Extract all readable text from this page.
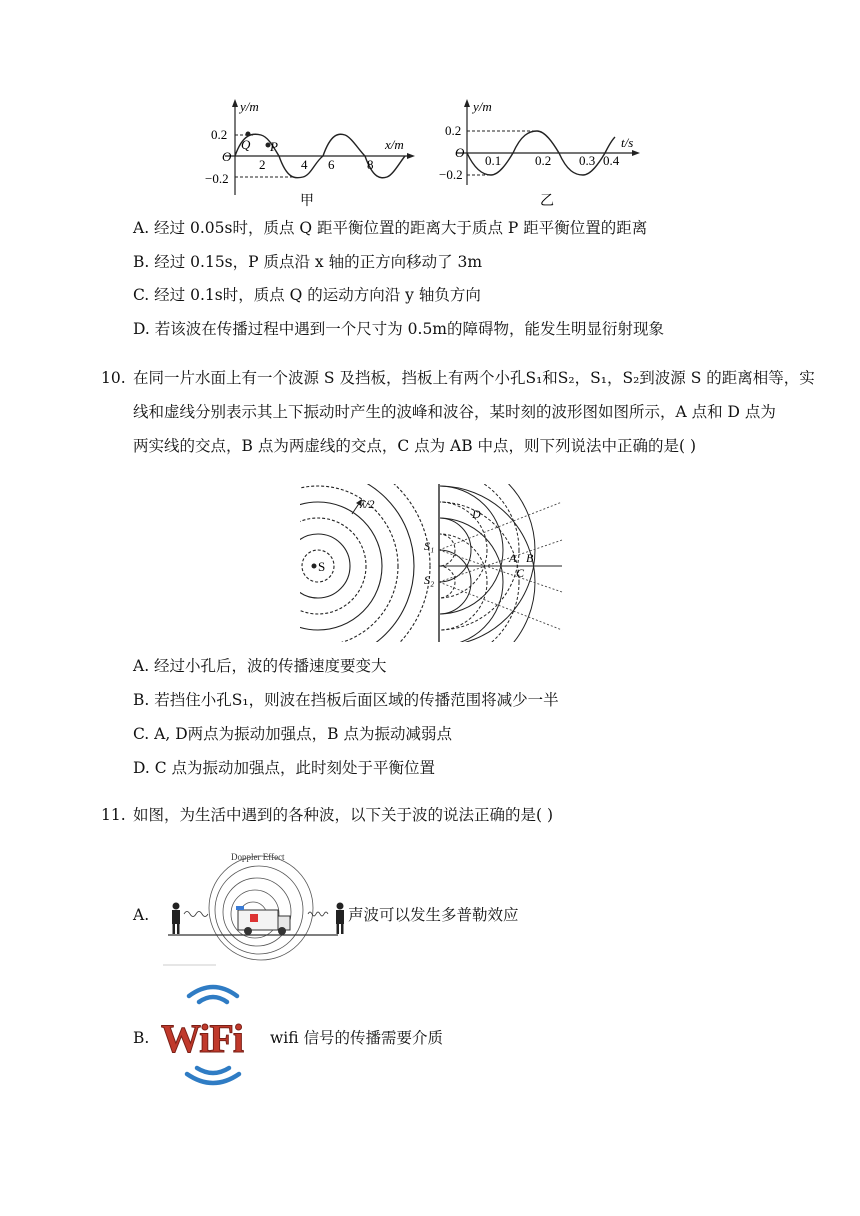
y/m
x/m
0.2
−0.2
O
2	4 6	8
Q P
甲
y/m
t/s
0.2
−0.2
O
0.1	0.2 0.3 0.4
乙
A. 经过 0.05s时，质点 Q 距平衡位置的距离大于质点 P 距平衡位置的距离
B. 经过 0.15s，P 质点沿 x 轴的正方向移动了 3m
C. 经过 0.1s时，质点 Q 的运动方向沿 y 轴负方向
D. 若该波在传播过程中遇到一个尺寸为 0.5m的障碍物，能发生明显衍射现象
10. 在同一片水面上有一个波源 S 及挡板，挡板上有两个小孔S₁和S₂，S₁，S₂到波源 S 的距离相等，实
线和虚线分别表示其上下振动时产生的波峰和波谷，某时刻的波形图如图所示，A 点和 D 点为
两实线的交点，B 点为两虚线的交点，C 点为 AB 中点，则下列说法中正确的是( )
S
S₁
S₂
λ/2
D
A B
C
A. 经过小孔后，波的传播速度要变大
B. 若挡住小孔S₁，则波在挡板后面区域的传播范围将减少一半
C. A, D两点为振动加强点，B 点为振动减弱点
D. C 点为振动加强点，此时刻处于平衡位置
11. 如图，为生活中遇到的各种波，以下关于波的说法正确的是( )
A.
Doppler Effect
声波可以发生多普勒效应
B. WiFi wifi 信号的传播需要介质
